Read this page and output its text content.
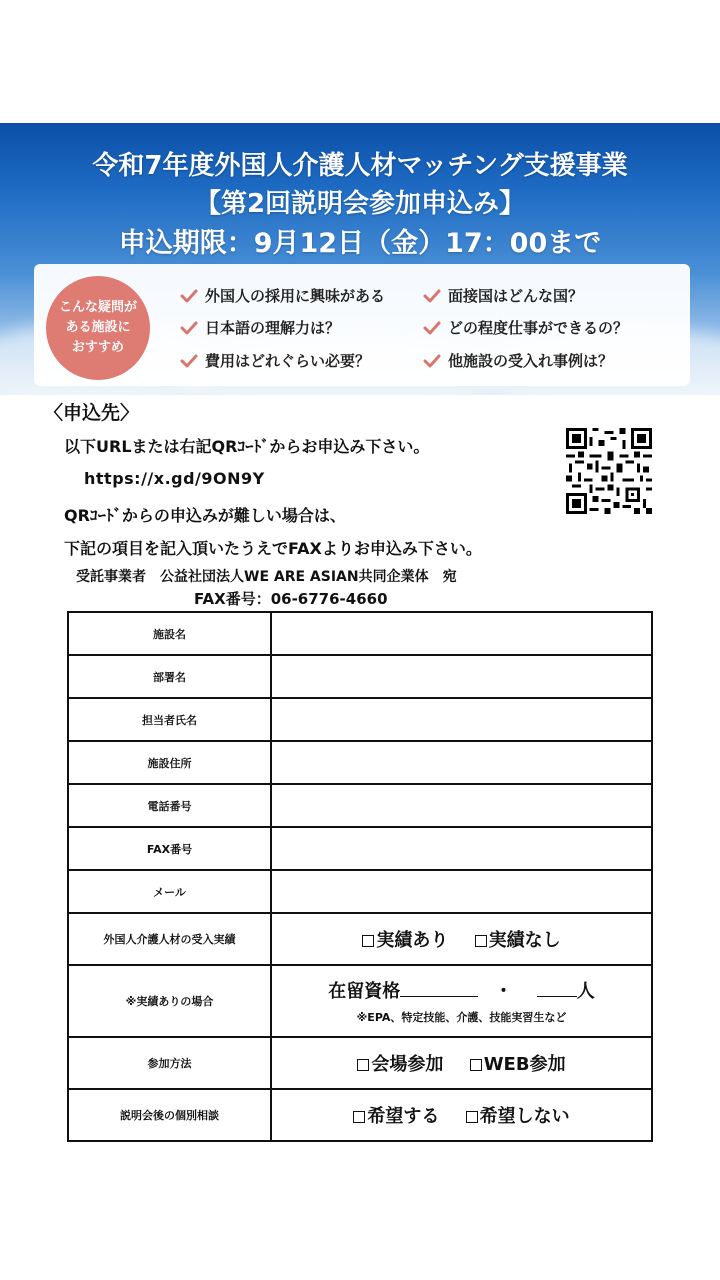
令和7年度外国人介護人材マッチング支援事業
【第2回説明会参加申込み】
申込期限：9月12日（金）17：00まで
こんな疑問が
ある施設に
おすすめ
外国人の採用に興味がある	面接国はどんな国？
日本語の理解力は？	どの程度仕事ができるの？
費用はどれぐらい必要？	他施設の受入れ事例は？
〈申込先〉
以下URLまたは右記QRｺｰﾄﾞからお申込み下さい。
https://x.gd/9ON9Y
QRｺｰﾄﾞからの申込みが難しい場合は、
下記の項目を記入頂いたうえでFAXよりお申込み下さい。
受託事業者　公益社団法人WE ARE ASIAN共同企業体　宛
FAX番号：06-6776-4660
施設名	
部署名	
担当者氏名	
施設住所	
電話番号	
FAX番号	
メール	
外国人介護人材の受入実績	実績あり 実績なし
※実績ありの場合	在留資格 ・ 人
※EPA、特定技能、介護、技能実習生など

参加方法	会場参加 WEB参加
説明会後の個別相談	希望する 希望しない
